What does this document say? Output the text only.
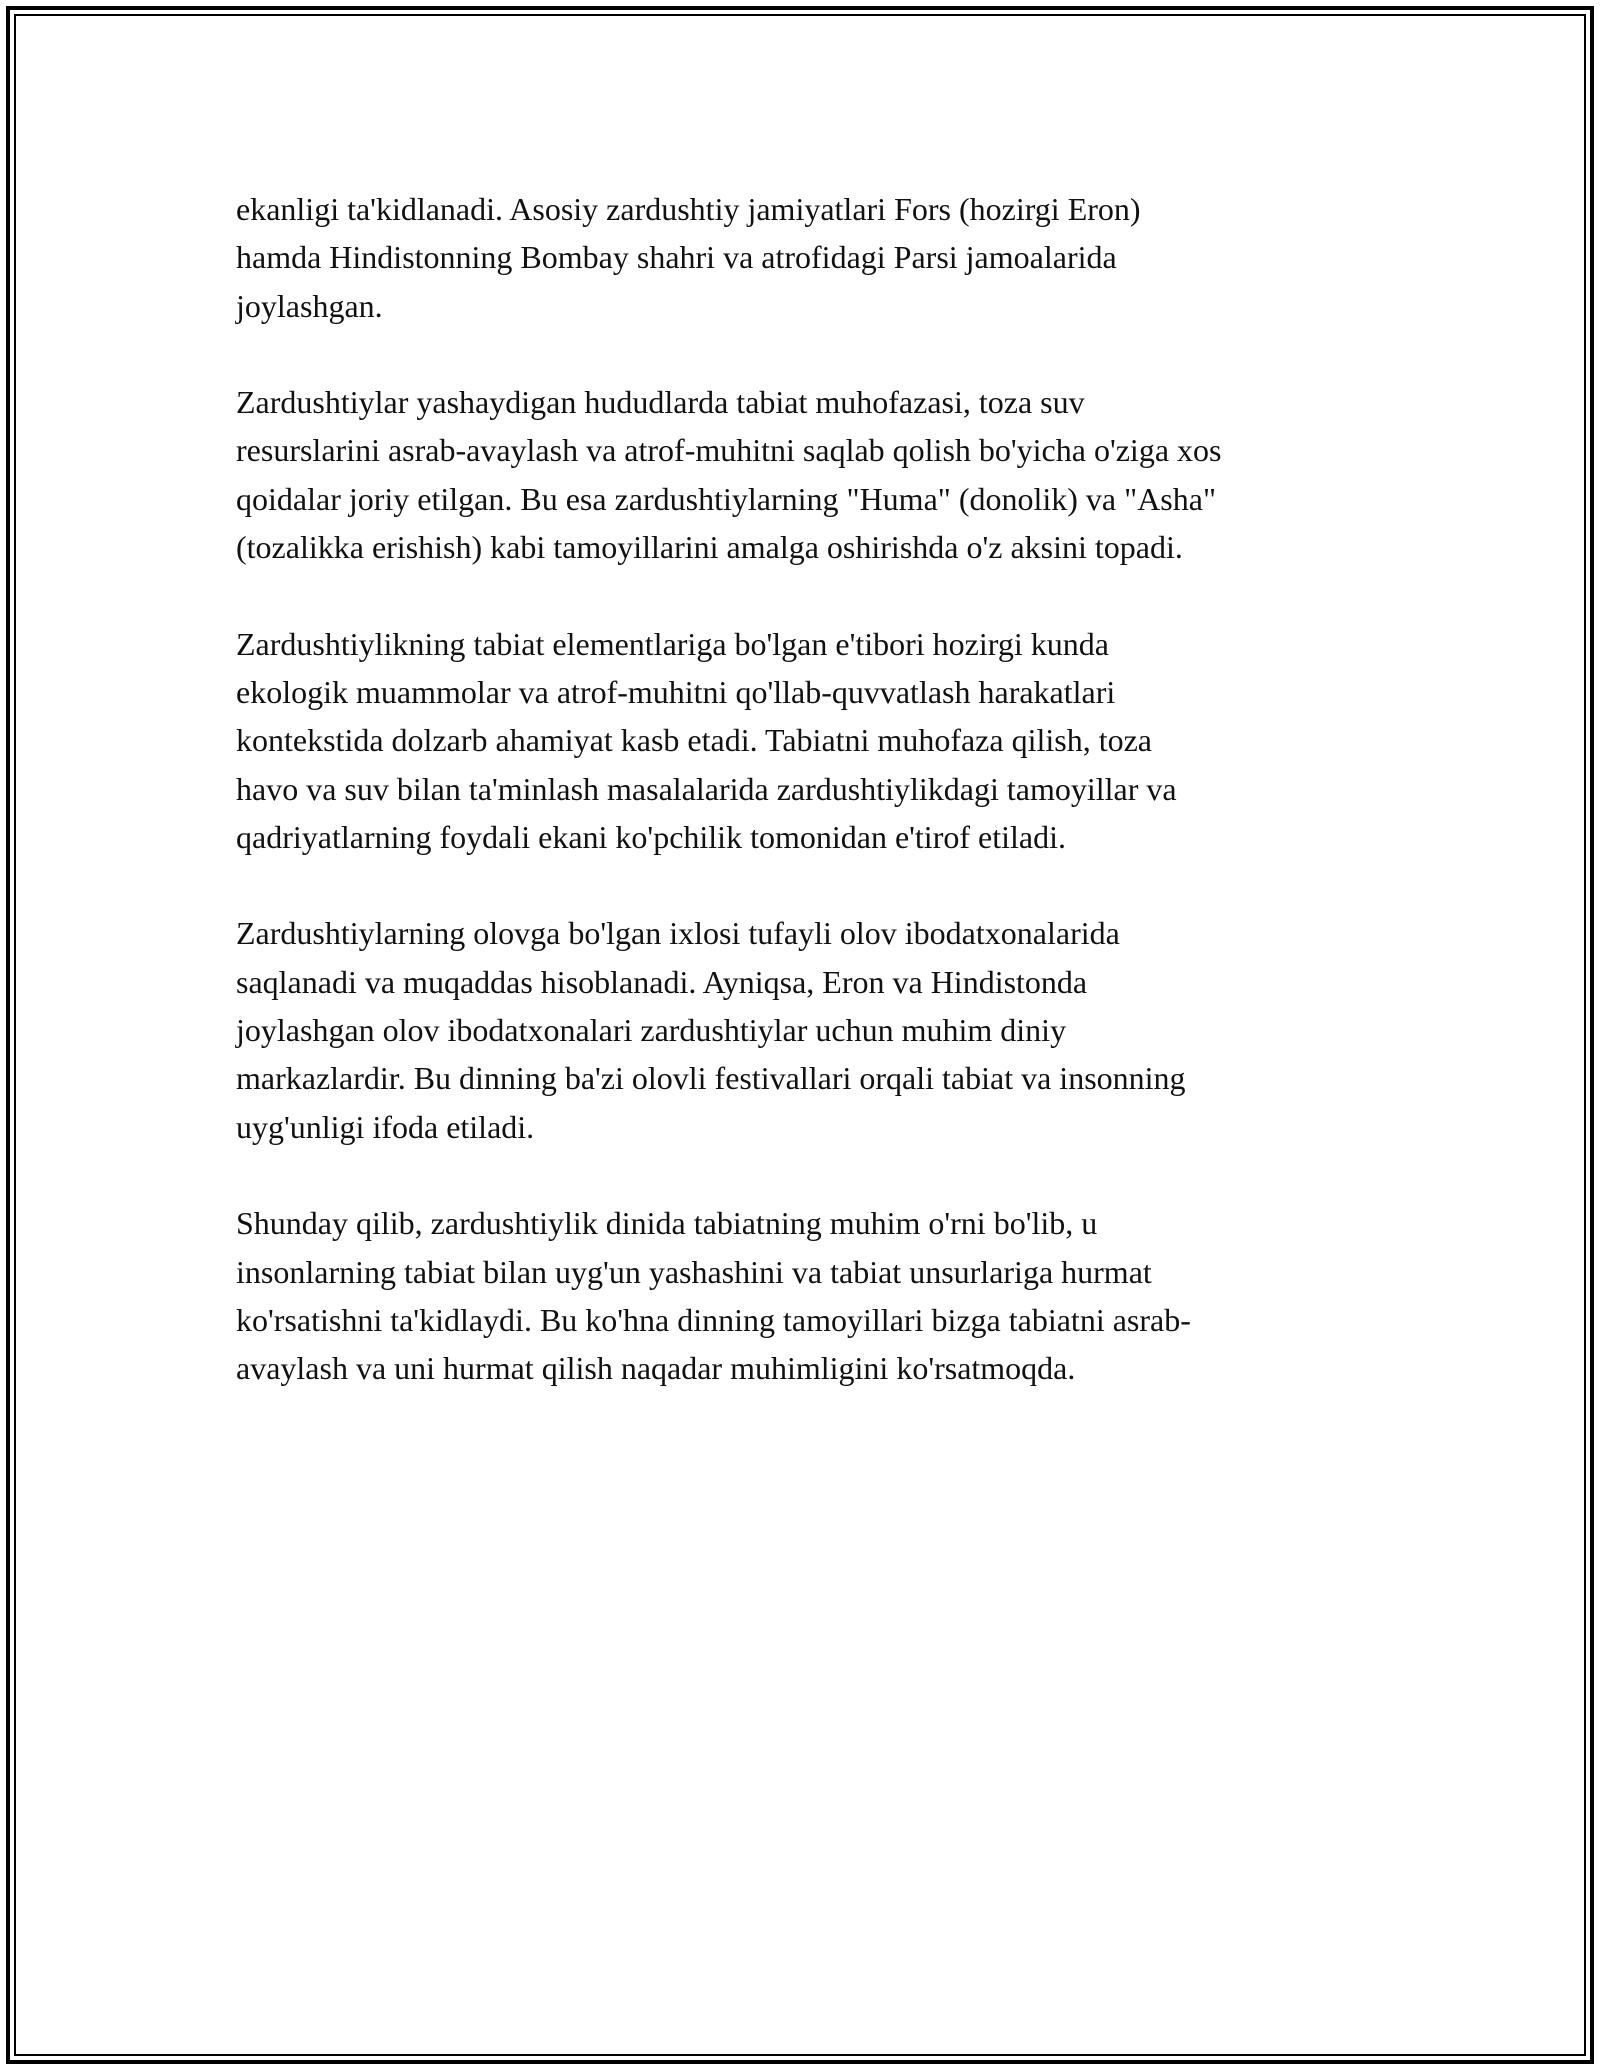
ekanligi ta'kidlanadi. Asosiy zardushtiy jamiyatlari Fors (hozirgi Eron)
hamda Hindistonning Bombay shahri va atrofidagi Parsi jamoalarida
joylashgan.
Zardushtiylar yashaydigan hududlarda tabiat muhofazasi, toza suv
resurslarini asrab-avaylash va atrof-muhitni saqlab qolish bo'yicha o'ziga xos
qoidalar joriy etilgan. Bu esa zardushtiylarning "Huma" (donolik) va "Asha"
(tozalikka erishish) kabi tamoyillarini amalga oshirishda o'z aksini topadi.
Zardushtiylikning tabiat elementlariga bo'lgan e'tibori hozirgi kunda
ekologik muammolar va atrof-muhitni qo'llab-quvvatlash harakatlari
kontekstida dolzarb ahamiyat kasb etadi. Tabiatni muhofaza qilish, toza
havo va suv bilan ta'minlash masalalarida zardushtiylikdagi tamoyillar va
qadriyatlarning foydali ekani ko'pchilik tomonidan e'tirof etiladi.
Zardushtiylarning olovga bo'lgan ixlosi tufayli olov ibodatxonalarida
saqlanadi va muqaddas hisoblanadi. Ayniqsa, Eron va Hindistonda
joylashgan olov ibodatxonalari zardushtiylar uchun muhim diniy
markazlardir. Bu dinning ba'zi olovli festivallari orqali tabiat va insonning
uyg'unligi ifoda etiladi.
Shunday qilib, zardushtiylik dinida tabiatning muhim o'rni bo'lib, u
insonlarning tabiat bilan uyg'un yashashini va tabiat unsurlariga hurmat
ko'rsatishni ta'kidlaydi. Bu ko'hna dinning tamoyillari bizga tabiatni asrab-
avaylash va uni hurmat qilish naqadar muhimligini ko'rsatmoqda.
